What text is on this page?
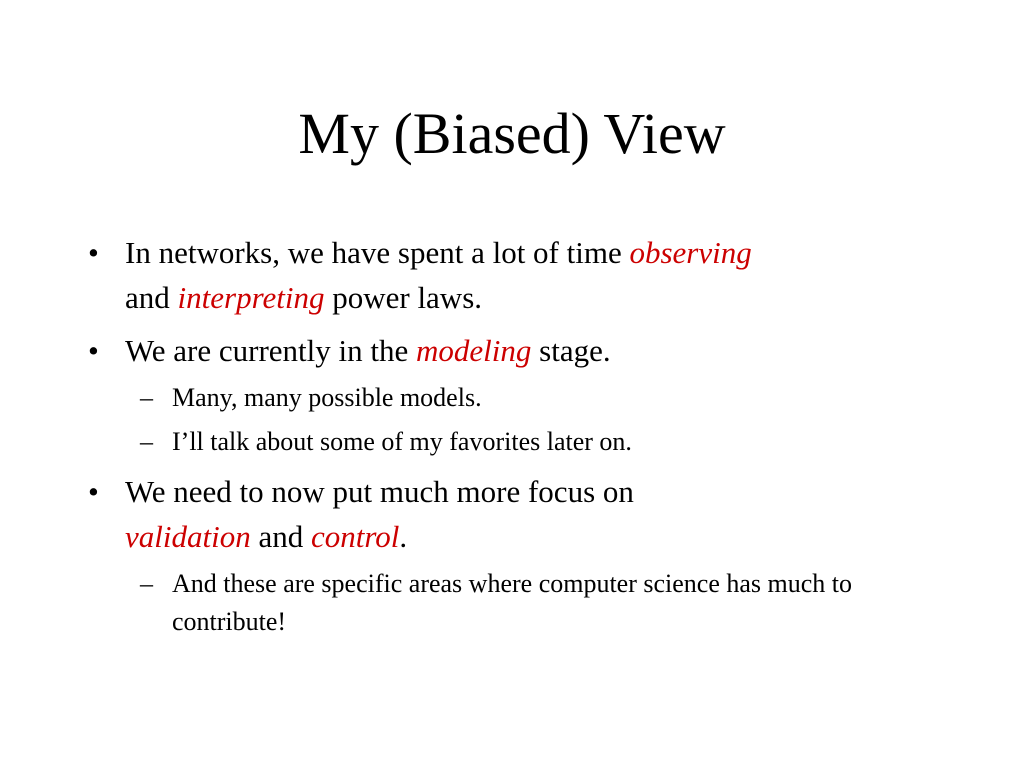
My (Biased) View
• In networks, we have spent a lot of time observing
and interpreting power laws.
• We are currently in the modeling stage.
– Many, many possible models.
– I’ll talk about some of my favorites later on.
• We need to now put much more focus on
validation and control.
– And these are specific areas where computer science has much to contribute!
